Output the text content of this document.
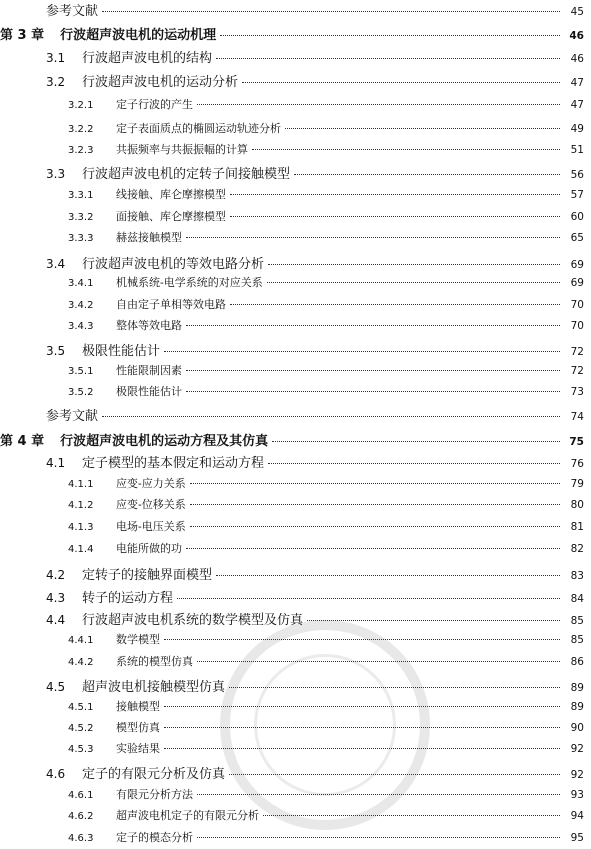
参考文献	45
第 3 章 行波超声波电机的运动机理	46
3.1	行波超声波电机的结构	46
3.2	行波超声波电机的运动分析	47
3.2.1	定子行波的产生	47
3.2.2	定子表面质点的椭圆运动轨迹分析	49
3.2.3	共振频率与共振振幅的计算	51
3.3	行波超声波电机的定转子间接触模型	56
3.3.1	线接触、库仑摩擦模型	57
3.3.2	面接触、库仑摩擦模型	60
3.3.3	赫兹接触模型	65
3.4	行波超声波电机的等效电路分析	69
3.4.1	机械系统-电学系统的对应关系	69
3.4.2	自由定子单相等效电路	70
3.4.3	整体等效电路	70
3.5	极限性能估计	72
3.5.1	性能限制因素	72
3.5.2	极限性能估计	73
参考文献	74
第 4 章 行波超声波电机的运动方程及其仿真	75
4.1	定子模型的基本假定和运动方程	76
4.1.1	应变-应力关系	79
4.1.2	应变-位移关系	80
4.1.3	电场-电压关系	81
4.1.4	电能所做的功	82
4.2	定转子的接触界面模型	83
4.3	转子的运动方程	84
4.4	行波超声波电机系统的数学模型及仿真	85
4.4.1	数学模型	85
4.4.2	系统的模型仿真	86
4.5	超声波电机接触模型仿真	89
4.5.1	接触模型	89
4.5.2	模型仿真	90
4.5.3	实验结果	92
4.6	定子的有限元分析及仿真	92
4.6.1	有限元分析方法	93
4.6.2	超声波电机定子的有限元分析	94
4.6.3	定子的模态分析	95
